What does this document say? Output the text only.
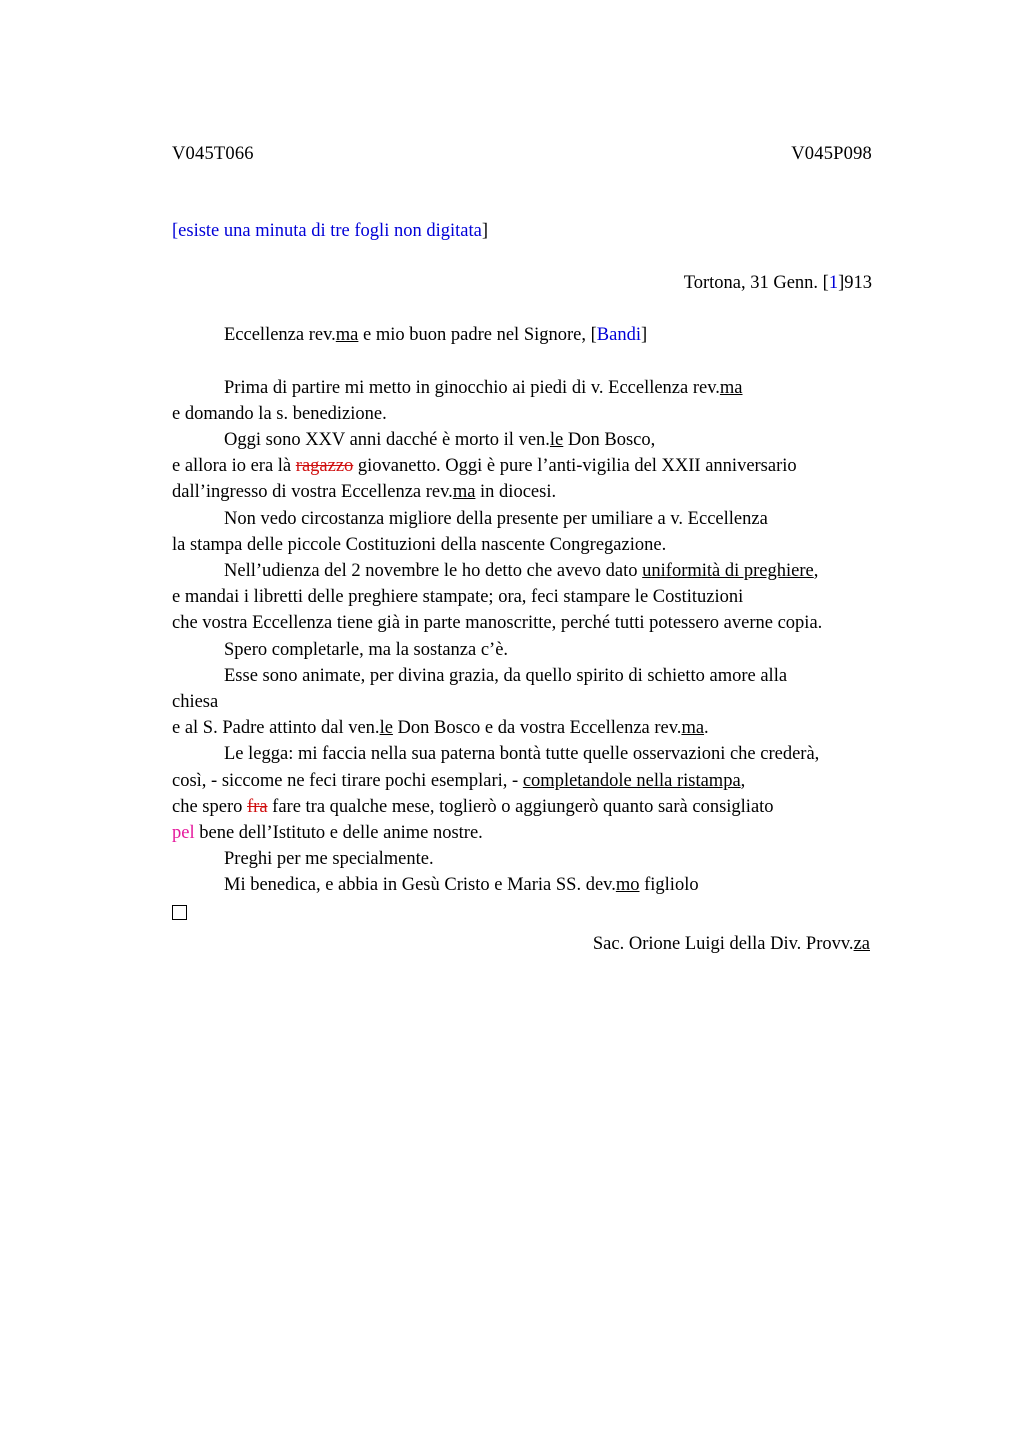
V045T066	V045P098

[esiste una minuta di tre fogli non digitata]

Tortona, 31 Genn. [1]913

Eccellenza rev.ma e mio buon padre nel Signore, [Bandi]

Prima di partire mi metto in ginocchio ai piedi di v. Eccellenza rev.ma

e domando la s. benedizione.

Oggi sono XXV anni dacché è morto il ven.le Don Bosco,

e allora io era là ragazzo giovanetto. Oggi è pure l’anti-vigilia del XXII anniversario

dall’ingresso di vostra Eccellenza rev.ma in diocesi.

Non vedo circostanza migliore della presente per umiliare a v. Eccellenza

la stampa delle piccole Costituzioni della nascente Congregazione.

Nell’udienza del 2 novembre le ho detto che avevo dato uniformità di preghiere,

e mandai i libretti delle preghiere stampate; ora, feci stampare le Costituzioni

che vostra Eccellenza tiene già in parte manoscritte, perché tutti potessero averne copia.

Spero completarle, ma la sostanza c’è.

Esse sono animate, per divina grazia, da quello spirito di schietto amore alla

chiesa

e al S. Padre attinto dal ven.le Don Bosco e da vostra Eccellenza rev.ma.

Le legga: mi faccia nella sua paterna bontà tutte quelle osservazioni che crederà,

così, - siccome ne feci tirare pochi esemplari, - completandole nella ristampa,

che spero fra fare tra qualche mese, toglierò o aggiungerò quanto sarà consigliato

pel bene dell’Istituto e delle anime nostre.

Preghi per me specialmente.

Mi benedica, e abbia in Gesù Cristo e Maria SS. dev.mo figliolo

Sac. Orione Luigi della Div. Provv.za
